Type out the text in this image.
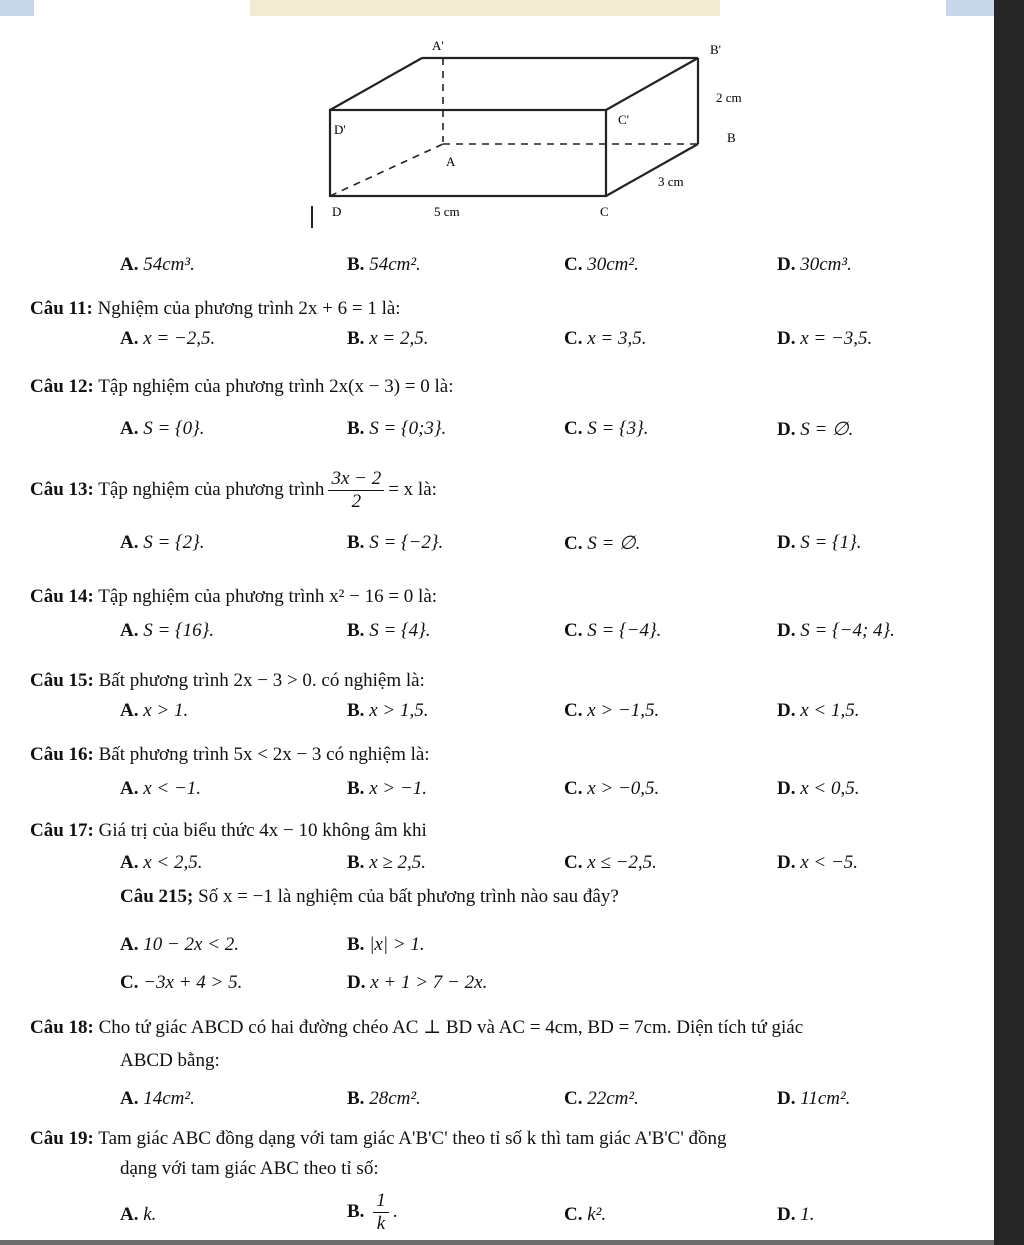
A'	B'
C'
D'
A
B
C
D
2 cm
3 cm
5 cm
A. 54cm³.	B. 54cm².	C. 30cm².	D. 30cm³.
Câu 11: Nghiệm của phương trình 2x + 6 = 1 là:
A. x = −2,5.	B. x = 2,5.	C. x = 3,5.	D. x = −3,5.
Câu 12: Tập nghiệm của phương trình 2x(x − 3) = 0 là:
A. S = {0}.	B. S = {0;3}.	C. S = {3}.	D. S = ∅.
Câu 13: Tập nghiệm của phương trình $\frac{3x - 2}{2} = x$ là:
A. S = {2}.	B. S = {−2}.	C. S = ∅.	D. S = {1}.
Câu 14: Tập nghiệm của phương trình x² − 16 = 0 là:
A. S = {16}.	B. S = {4}.	C. S = {−4}.	D. S = {−4; 4}.
Câu 15: Bất phương trình 2x − 3 > 0. có nghiệm là:
A. x > 1.	B. x > 1,5.	C. x > −1,5.	D. x < 1,5.
Câu 16: Bất phương trình 5x < 2x − 3 có nghiệm là:
A. x < −1.	B. x > −1.	C. x > −0,5.	D. x < 0,5.
Câu 17: Giá trị của biểu thức 4x − 10 không âm khi
A. x < 2,5.	B. x ≥ 2,5.	C. x ≤ −2,5.	D. x < −5.
Câu 215; Số x = −1 là nghiệm của bất phương trình nào sau đây?
A. 10 − 2x < 2.	B. |x| > 1.
C. −3x + 4 > 5.	D. x + 1 > 7 − 2x.
Câu 18: Cho tứ giác ABCD có hai đường chéo AC ⊥ BD và AC = 4cm, BD = 7cm. Diện tích tứ giác
ABCD bằng:
A. 14cm².	B. 28cm².	C. 22cm².	D. 11cm².
Câu 19: Tam giác ABC đồng dạng với tam giác A'B'C' theo tỉ số k thì tam giác A'B'C' đồng
dạng với tam giác ABC theo tỉ số:
A. k.	B. $\frac{1}{k}$ .	C. k².	D. 1.
